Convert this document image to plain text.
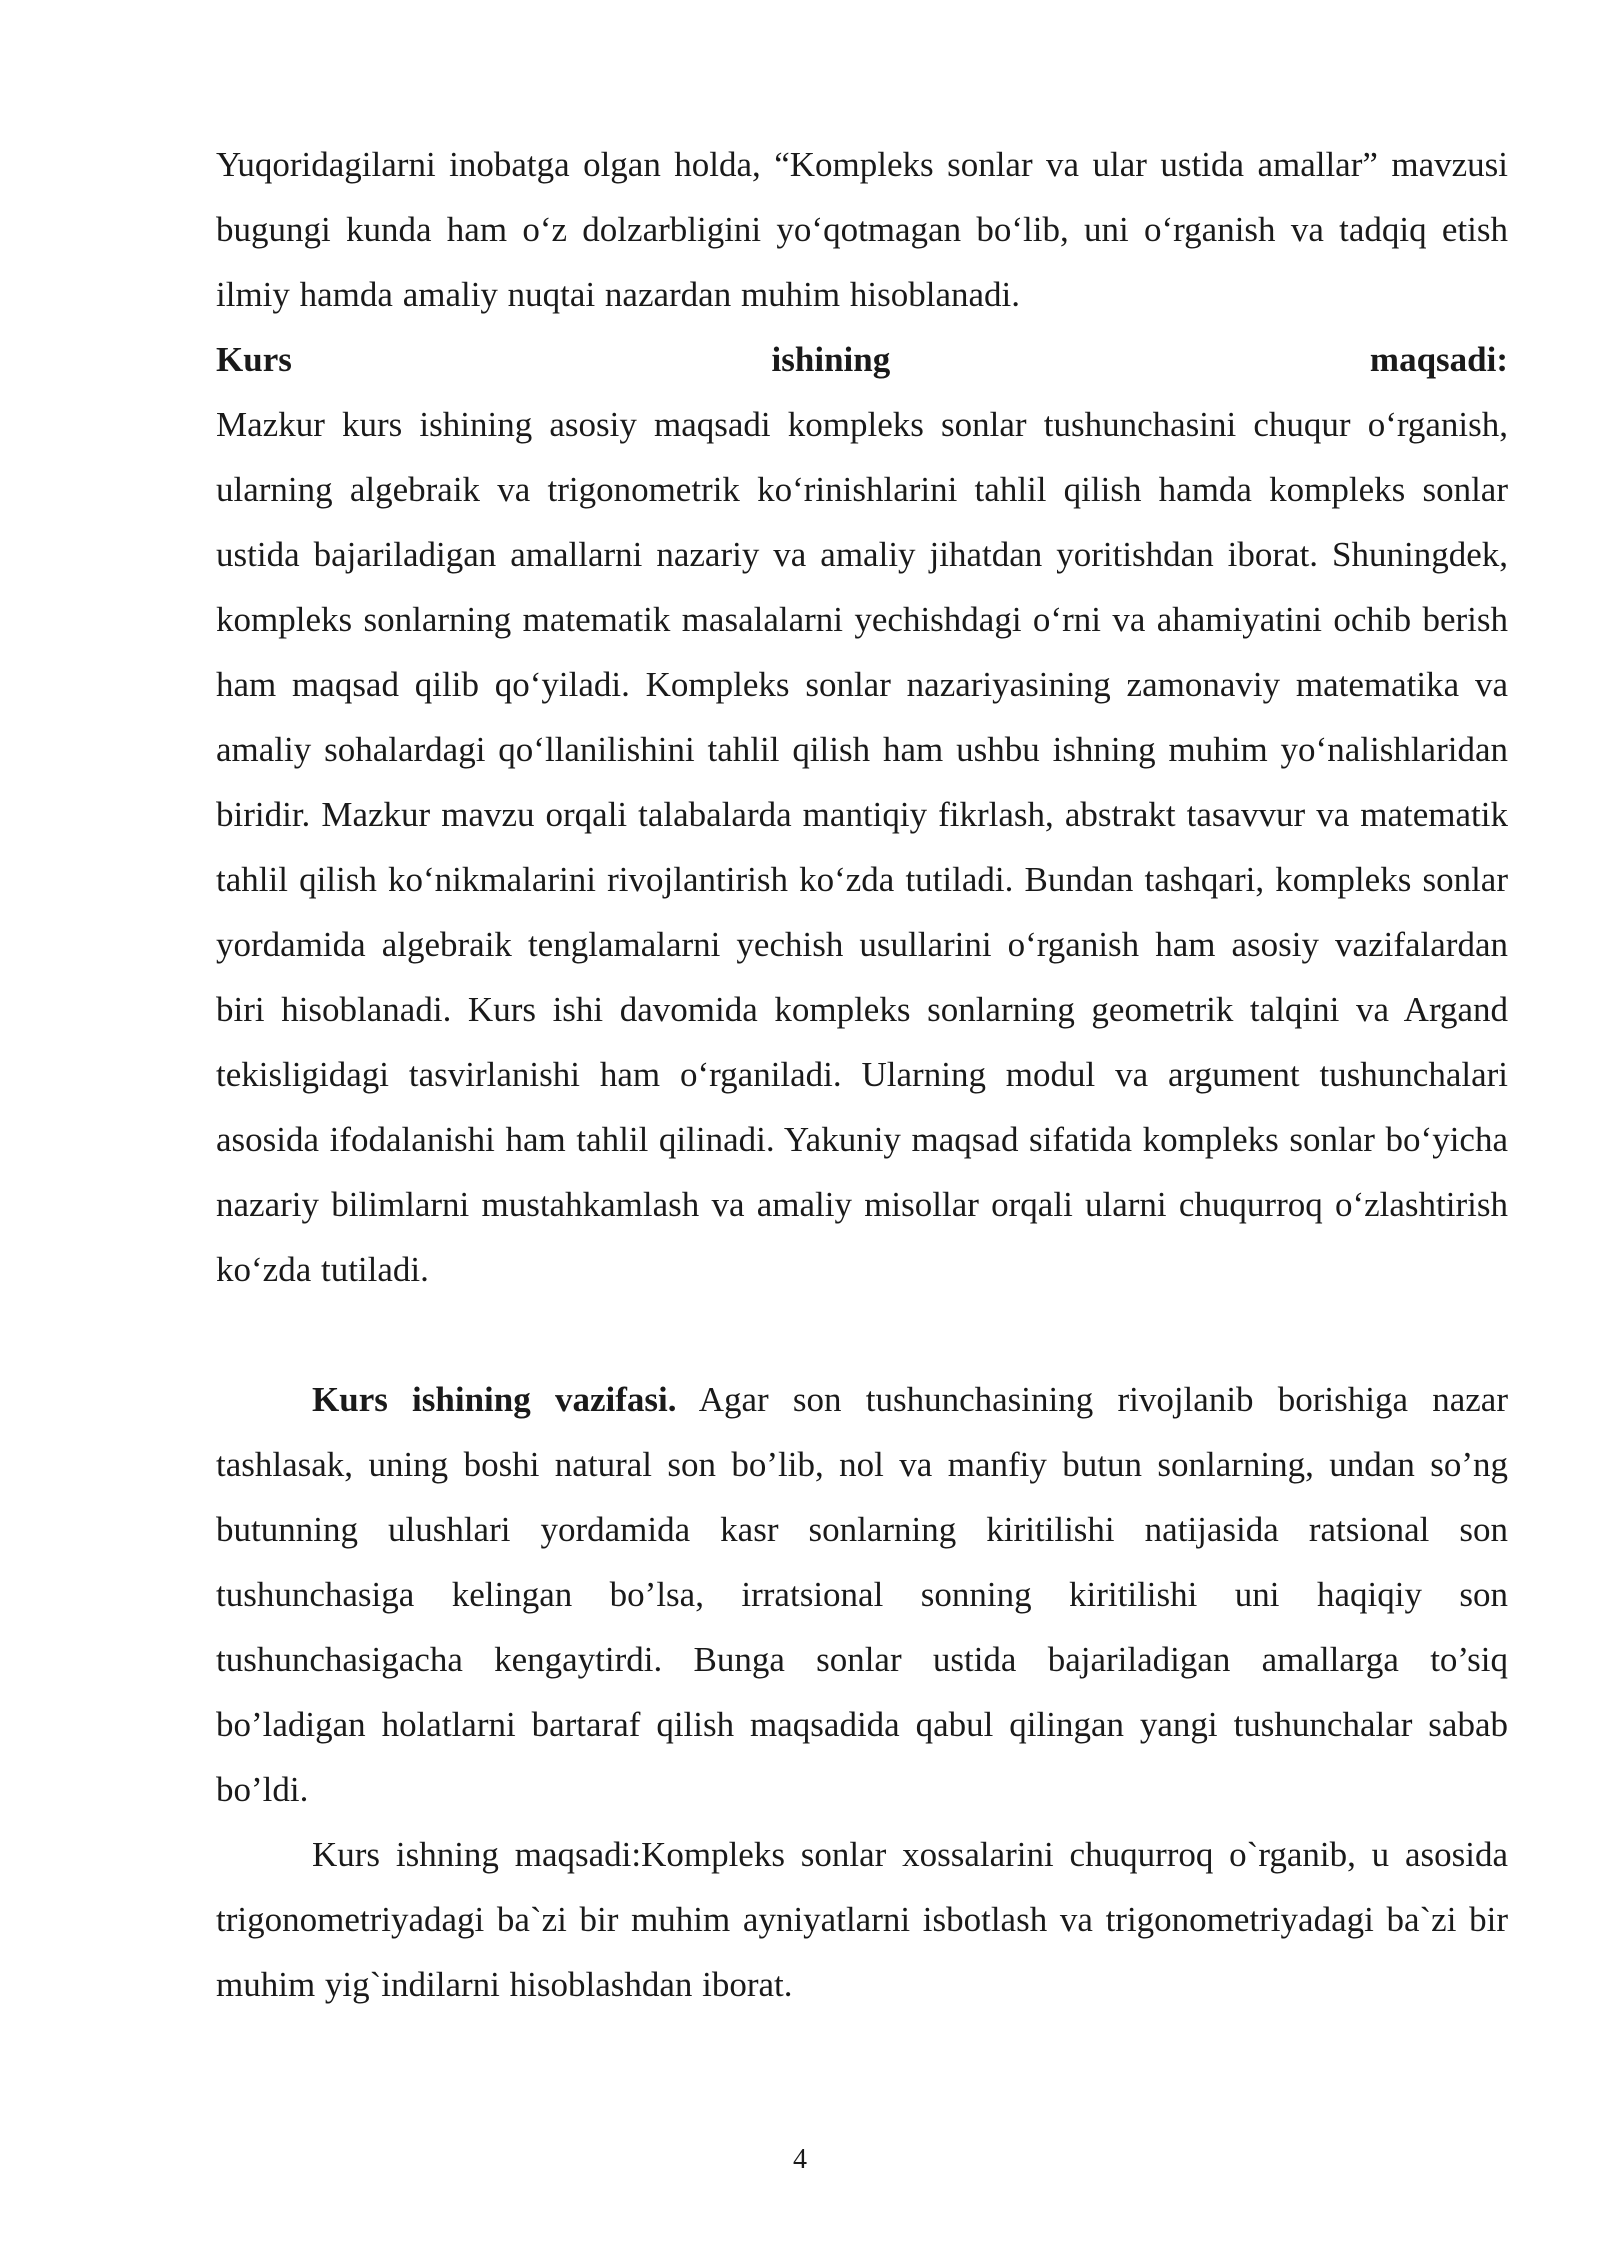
Yuqoridagilarni inobatga olgan holda, “Kompleks sonlar va ular ustida amallar” mavzusi bugungi kunda ham o‘z dolzarbligini yo‘qotmagan bo‘lib, uni o‘rganish va tadqiq etish ilmiy hamda amaliy nuqtai nazardan muhim hisoblanadi.

Kurs ishining maqsadi:

Mazkur kurs ishining asosiy maqsadi kompleks sonlar tushunchasini chuqur o‘rganish, ularning algebraik va trigonometrik ko‘rinishlarini tahlil qilish hamda kompleks sonlar ustida bajariladigan amallarni nazariy va amaliy jihatdan yoritishdan iborat. Shuningdek, kompleks sonlarning matematik masalalarni yechishdagi o‘rni va ahamiyatini ochib berish ham maqsad qilib qo‘yiladi. Kompleks sonlar nazariyasining zamonaviy matematika va amaliy sohalardagi qo‘llanilishini tahlil qilish ham ushbu ishning muhim yo‘nalishlaridan biridir. Mazkur mavzu orqali talabalarda mantiqiy fikrlash, abstrakt tasavvur va matematik tahlil qilish ko‘nikmalarini rivojlantirish ko‘zda tutiladi. Bundan tashqari, kompleks sonlar yordamida algebraik tenglamalarni yechish usullarini o‘rganish ham asosiy vazifalardan biri hisoblanadi. Kurs ishi davomida kompleks sonlarning geometrik talqini va Argand tekisligidagi tasvirlanishi ham o‘rganiladi. Ularning modul va argument tushunchalari asosida ifodalanishi ham tahlil qilinadi. Yakuniy maqsad sifatida kompleks sonlar bo‘yicha nazariy bilimlarni mustahkamlash va amaliy misollar orqali ularni chuqurroq o‘zlashtirish ko‘zda tutiladi.

Kurs ishining vazifasi. Agar son tushunchasining rivojlanib borishiga nazar tashlasak, uning boshi natural son bo’lib, nol va manfiy butun sonlarning, undan so’ng butunning ulushlari yordamida kasr sonlarning kiritilishi natijasida ratsional son tushunchasiga kelingan bo’lsa, irratsional sonning kiritilishi uni haqiqiy son tushunchasigacha kengaytirdi. Bunga sonlar ustida bajariladigan amallarga to’siq bo’ladigan holatlarni bartaraf qilish maqsadida qabul qilingan yangi tushunchalar sabab bo’ldi.

Kurs ishning maqsadi:Kompleks sonlar xossalarini chuqurroq o`rganib, u asosida trigonometriyadagi ba`zi bir muhim ayniyatlarni isbotlash va trigonometriyadagi ba`zi bir muhim yig`indilarni hisoblashdan iborat.

4
